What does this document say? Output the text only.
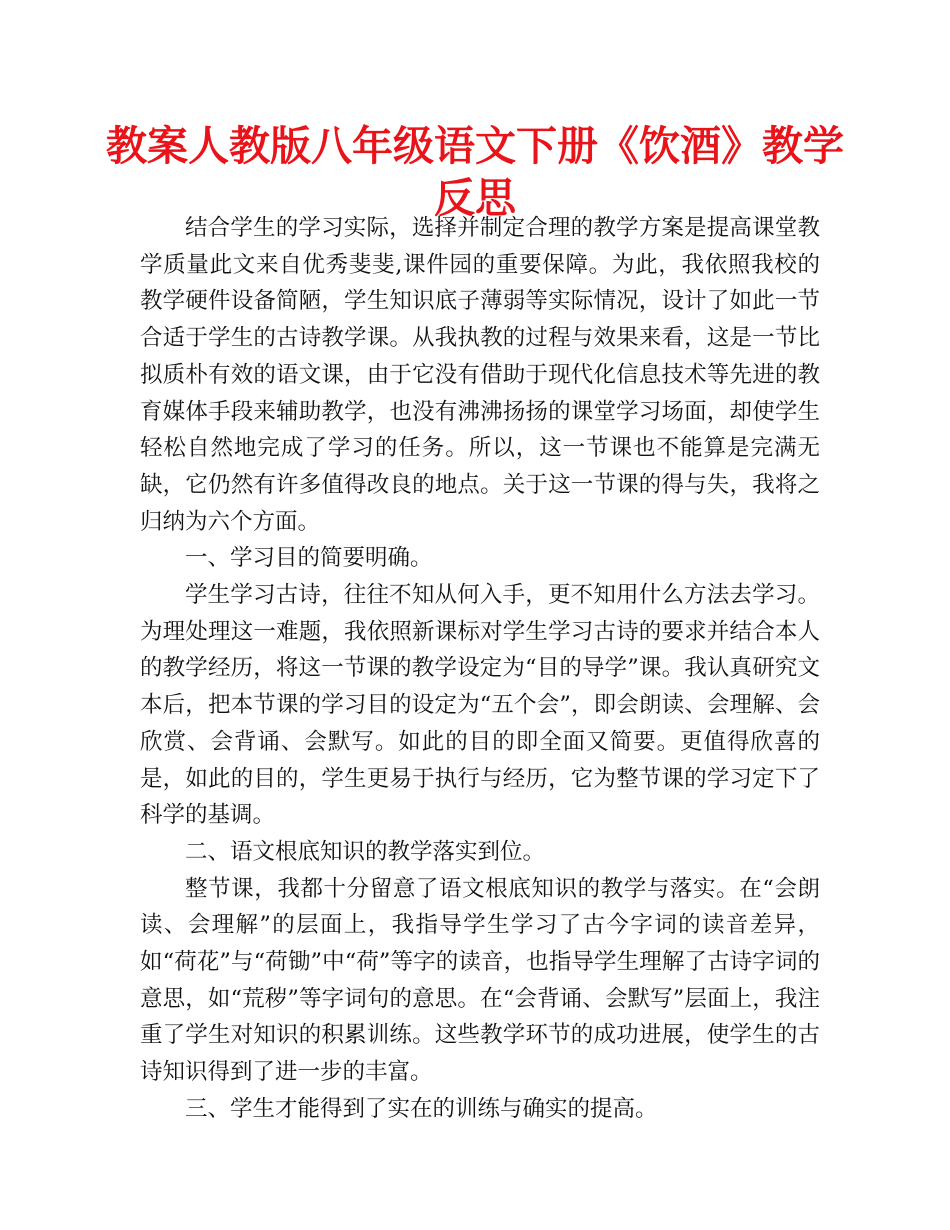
教案人教版八年级语文下册《饮酒》教学反思

结合学生的学习实际，选择并制定合理的教学方案是提高课堂教学质量此文来自优秀斐斐,课件园的重要保障。为此，我依照我校的教学硬件设备简陋，学生知识底子薄弱等实际情况，设计了如此一节合适于学生的古诗教学课。从我执教的过程与效果来看，这是一节比拟质朴有效的语文课，由于它没有借助于现代化信息技术等先进的教育媒体手段来辅助教学，也没有沸沸扬扬的课堂学习场面，却使学生轻松自然地完成了学习的任务。所以，这一节课也不能算是完满无缺，它仍然有许多值得改良的地点。关于这一节课的得与失，我将之归纳为六个方面。

一、学习目的简要明确。

学生学习古诗，往往不知从何入手，更不知用什么方法去学习。为理处理这一难题，我依照新课标对学生学习古诗的要求并结合本人的教学经历，将这一节课的教学设定为“目的导学”课。我认真研究文本后，把本节课的学习目的设定为“五个会”，即会朗读、会理解、会欣赏、会背诵、会默写。如此的目的即全面又简要。更值得欣喜的是，如此的目的，学生更易于执行与经历，它为整节课的学习定下了科学的基调。

二、语文根底知识的教学落实到位。

整节课，我都十分留意了语文根底知识的教学与落实。在“会朗读、会理解”的层面上，我指导学生学习了古今字词的读音差异，如“荷花”与“荷锄”中“荷”等字的读音，也指导学生理解了古诗字词的意思，如“荒秽”等字词句的意思。在“会背诵、会默写”层面上，我注重了学生对知识的积累训练。这些教学环节的成功进展，使学生的古诗知识得到了进一步的丰富。

三、学生才能得到了实在的训练与确实的提高。
